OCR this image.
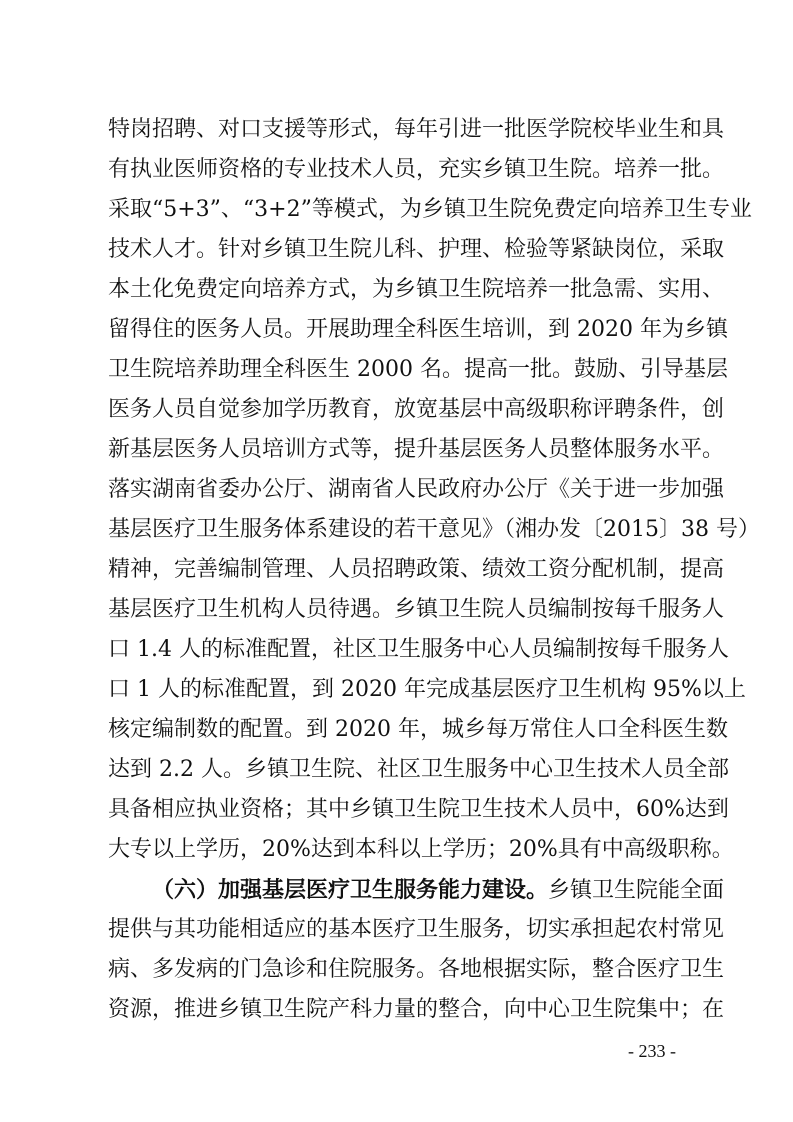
特岗招聘、对口支援等形式，每年引进一批医学院校毕业生和具
有执业医师资格的专业技术人员，充实乡镇卫生院。培养一批。
采取“5+3”、“3+2”等模式，为乡镇卫生院免费定向培养卫生专业
技术人才。针对乡镇卫生院儿科、护理、检验等紧缺岗位，采取
本土化免费定向培养方式，为乡镇卫生院培养一批急需、实用、
留得住的医务人员。开展助理全科医生培训，到 2020 年为乡镇
卫生院培养助理全科医生 2000 名。提高一批。鼓励、引导基层
医务人员自觉参加学历教育，放宽基层中高级职称评聘条件，创
新基层医务人员培训方式等，提升基层医务人员整体服务水平。
落实湖南省委办公厅、湖南省人民政府办公厅《关于进一步加强
基层医疗卫生服务体系建设的若干意见》（湘办发〔2015〕38 号）
精神，完善编制管理、人员招聘政策、绩效工资分配机制，提高
基层医疗卫生机构人员待遇。乡镇卫生院人员编制按每千服务人
口 1.4 人的标准配置，社区卫生服务中心人员编制按每千服务人
口 1 人的标准配置，到 2020 年完成基层医疗卫生机构 95%以上
核定编制数的配置。到 2020 年，城乡每万常住人口全科医生数
达到 2.2 人。乡镇卫生院、社区卫生服务中心卫生技术人员全部
具备相应执业资格；其中乡镇卫生院卫生技术人员中，60%达到
大专以上学历，20%达到本科以上学历；20%具有中高级职称。
（六）加强基层医疗卫生服务能力建设。乡镇卫生院能全面
提供与其功能相适应的基本医疗卫生服务，切实承担起农村常见
病、多发病的门急诊和住院服务。各地根据实际，整合医疗卫生
资源，推进乡镇卫生院产科力量的整合，向中心卫生院集中；在
- 233 -
